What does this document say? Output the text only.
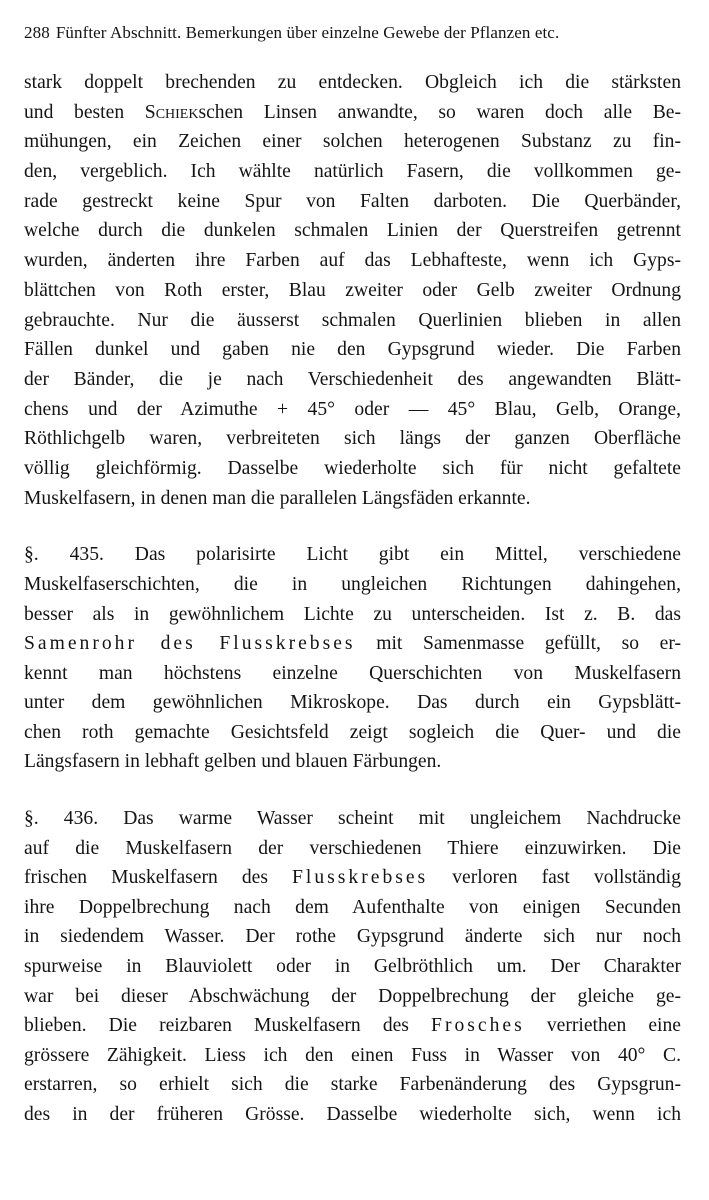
288 Fünfter Abschnitt. Bemerkungen über einzelne Gewebe der Pflanzen etc.
stark doppelt brechenden zu entdecken. Obgleich ich die stärksten
und besten Schiekschen Linsen anwandte, so waren doch alle Be-
mühungen, ein Zeichen einer solchen heterogenen Substanz zu fin-
den, vergeblich. Ich wählte natürlich Fasern, die vollkommen ge-
rade gestreckt keine Spur von Falten darboten. Die Querbänder,
welche durch die dunkelen schmalen Linien der Querstreifen getrennt
wurden, änderten ihre Farben auf das Lebhafteste, wenn ich Gyps-
blättchen von Roth erster, Blau zweiter oder Gelb zweiter Ordnung
gebrauchte. Nur die äusserst schmalen Querlinien blieben in allen
Fällen dunkel und gaben nie den Gypsgrund wieder. Die Farben
der Bänder, die je nach Verschiedenheit des angewandten Blätt-
chens und der Azimuthe + 45° oder — 45° Blau, Gelb, Orange,
Röthlichgelb waren, verbreiteten sich längs der ganzen Oberfläche
völlig gleichförmig. Dasselbe wiederholte sich für nicht gefaltete
Muskelfasern, in denen man die parallelen Längsfäden erkannte.
§. 435. Das polarisirte Licht gibt ein Mittel, verschiedene
Muskelfaserschichten, die in ungleichen Richtungen dahingehen,
besser als in gewöhnlichem Lichte zu unterscheiden. Ist z. B. das
Samenrohr des Flusskrebses mit Samenmasse gefüllt, so er-
kennt man höchstens einzelne Querschichten von Muskelfasern
unter dem gewöhnlichen Mikroskope. Das durch ein Gypsblätt-
chen roth gemachte Gesichtsfeld zeigt sogleich die Quer- und die
Längsfasern in lebhaft gelben und blauen Färbungen.
§. 436. Das warme Wasser scheint mit ungleichem Nachdrucke
auf die Muskelfasern der verschiedenen Thiere einzuwirken. Die
frischen Muskelfasern des Flusskrebses verloren fast vollständig
ihre Doppelbrechung nach dem Aufenthalte von einigen Secunden
in siedendem Wasser. Der rothe Gypsgrund änderte sich nur noch
spurweise in Blauviolett oder in Gelbröthlich um. Der Charakter
war bei dieser Abschwächung der Doppelbrechung der gleiche ge-
blieben. Die reizbaren Muskelfasern des Frosches verriethen eine
grössere Zähigkeit. Liess ich den einen Fuss in Wasser von 40° C.
erstarren, so erhielt sich die starke Farbenänderung des Gypsgrun-
des in der früheren Grösse. Dasselbe wiederholte sich, wenn ich
